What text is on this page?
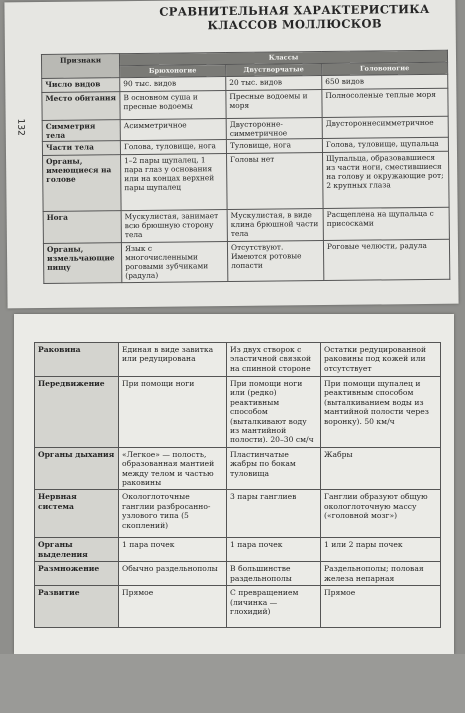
СРАВНИТЕЛЬНАЯ ХАРАКТЕРИСТИКА КЛАССОВ МОЛЛЮСКОВ
132
Признаки	Классы		
	Брюхоногие	Двустворчатые	Головоногие
Число видов	90 тыс. видов	20 тыс. видов	650 видов
Место обитания	В основном суша и пресные водоемы	Пресные водоемы и моря	Полносоленые теплые моря
Симметрия тела	Асимметричное	Двустороннесимметричное	Двустороннесимметричное
Части тела	Голова, туловище, нога	Туловище, нога	Голова, туловище, щупальца
Органы, имеющиеся на голове	1–2 пары щупалец, 1 пара глаз у основания или на концах верхней пары щупалец	Головы нет	Щупальца, образовавшиеся из части ноги, смеcтившиеся на голову и окружающие рот; 2 крупных глаза
Нога	Мускулистая, занимает всю брюшную сторону тела	Мускулистая, в виде клина брюшной части тела	Расщеплена на щупальца с присосками
Органы, измельчающие пищу	Язык с многочисленными роговыми зубчиками (радула)	Отсутствуют. Имеются ротовые лопасти	Роговые челюсти, радула
Раковина	Единая в виде завитка или редуцирована	Из двух створок с эластичной связкой на спинной стороне	Остатки редуцированной раковины под кожей или отсутствует
Передвижение	При помощи ноги	При помощи ноги или (редко) реактивным способом (выталкивают воду из мантийной полости). 20–30 см/ч	При помощи щупалец и реактивным способом (выталкиванием воды из мантийной полости через воронку). 50 км/ч
Органы дыхания	«Легкое» — полость, образованная мантией между телом и частью раковины	Пластинчатые жабры по бокам туловища	Жабры
Нервная система	Окологлоточные ганглии разбросанно-узлового типа (5 скоплений)	3 пары ганглиев	Ганглии образуют общую окологлоточную массу («головной мозг»)
Органы выделения	1 пара почек	1 пара почек	1 или 2 пары почек
Размножение	Обычно раздельнополы	В большинстве раздельнополы	Раздельнополы; половая железа непарная
Развитие	Прямое	С превращением (личинка — глохидий)	Прямое
